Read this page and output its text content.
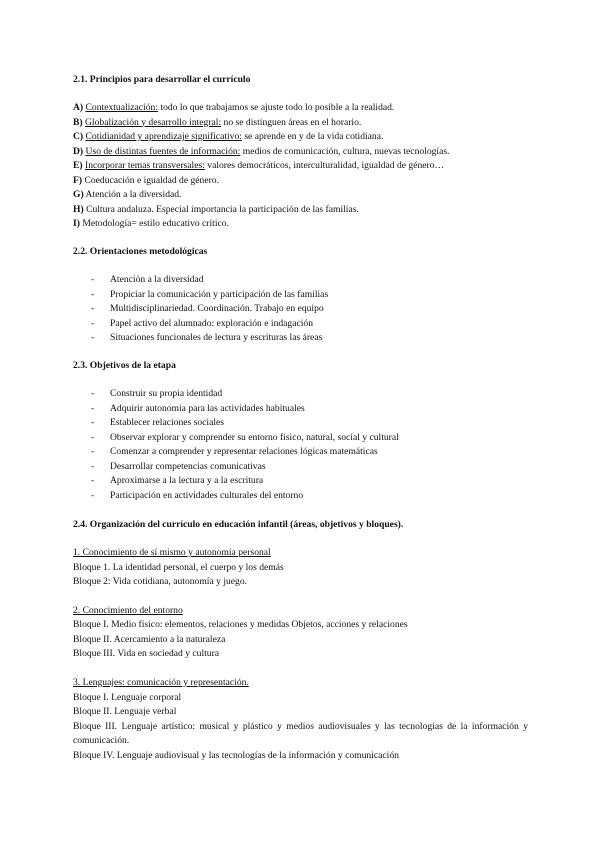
2.1. Principios para desarrollar el currículo
A) Contextualización: todo lo que trabajamos se ajuste todo lo posible a la realidad.
B) Globalización y desarrollo integral: no se distinguen áreas en el horario.
C) Cotidianidad y aprendizaje significativo: se aprende en y de la vida cotidiana.
D) Uso de distintas fuentes de información: medios de comunicación, cultura, nuevas tecnologías.
E) Incorporar temas transversales: valores democráticos, interculturalidad, igualdad de género…
F) Coeducación e igualdad de género.
G) Atención a la diversidad.
H) Cultura andaluza. Especial importancia la participación de las familias.
I) Metodología= estilo educativo crítico.
2.2. Orientaciones metodológicas
- Atención a la diversidad
- Propiciar la comunicación y participación de las familias
- Multidisciplinariedad. Coordinación. Trabajo en equipo
- Papel activo del alumnado: exploración e indagación
- Situaciones funcionales de lectura y escrituras las áreas
2.3. Objetivos de la etapa
- Construir su propia identidad
- Adquirir autonomía para las actividades habituales
- Establecer relaciones sociales
- Observar explorar y comprender su entorno físico, natural, social y cultural
- Comenzar a comprender y representar relaciones lógicas matemáticas
- Desarrollar competencias comunicativas
- Aproximarse a la lectura y a la escritura
- Participación en actividades culturales del entorno
2.4. Organización del currículo en educación infantil (áreas, objetivos y bloques).
1. Conocimiento de sí mismo y autonomía personal
Bloque 1. La identidad personal, el cuerpo y los demás
Bloque 2: Vida cotidiana, autonomía y juego.
2. Conocimiento del entorno
Bloque I. Medio físico: elementos, relaciones y medidas Objetos, acciones y relaciones
Bloque II. Acercamiento a la naturaleza
Bloque III. Vida en sociedad y cultura
3. Lenguajes: comunicación y representación.
Bloque I. Lenguaje corporal
Bloque II. Lenguaje verbal
Bloque III. Lenguaje artístico: musical y plástico y medios audiovisuales y las tecnologías de la información y comunicación.
Bloque IV. Lenguaje audiovisual y las tecnologías de la información y comunicación
